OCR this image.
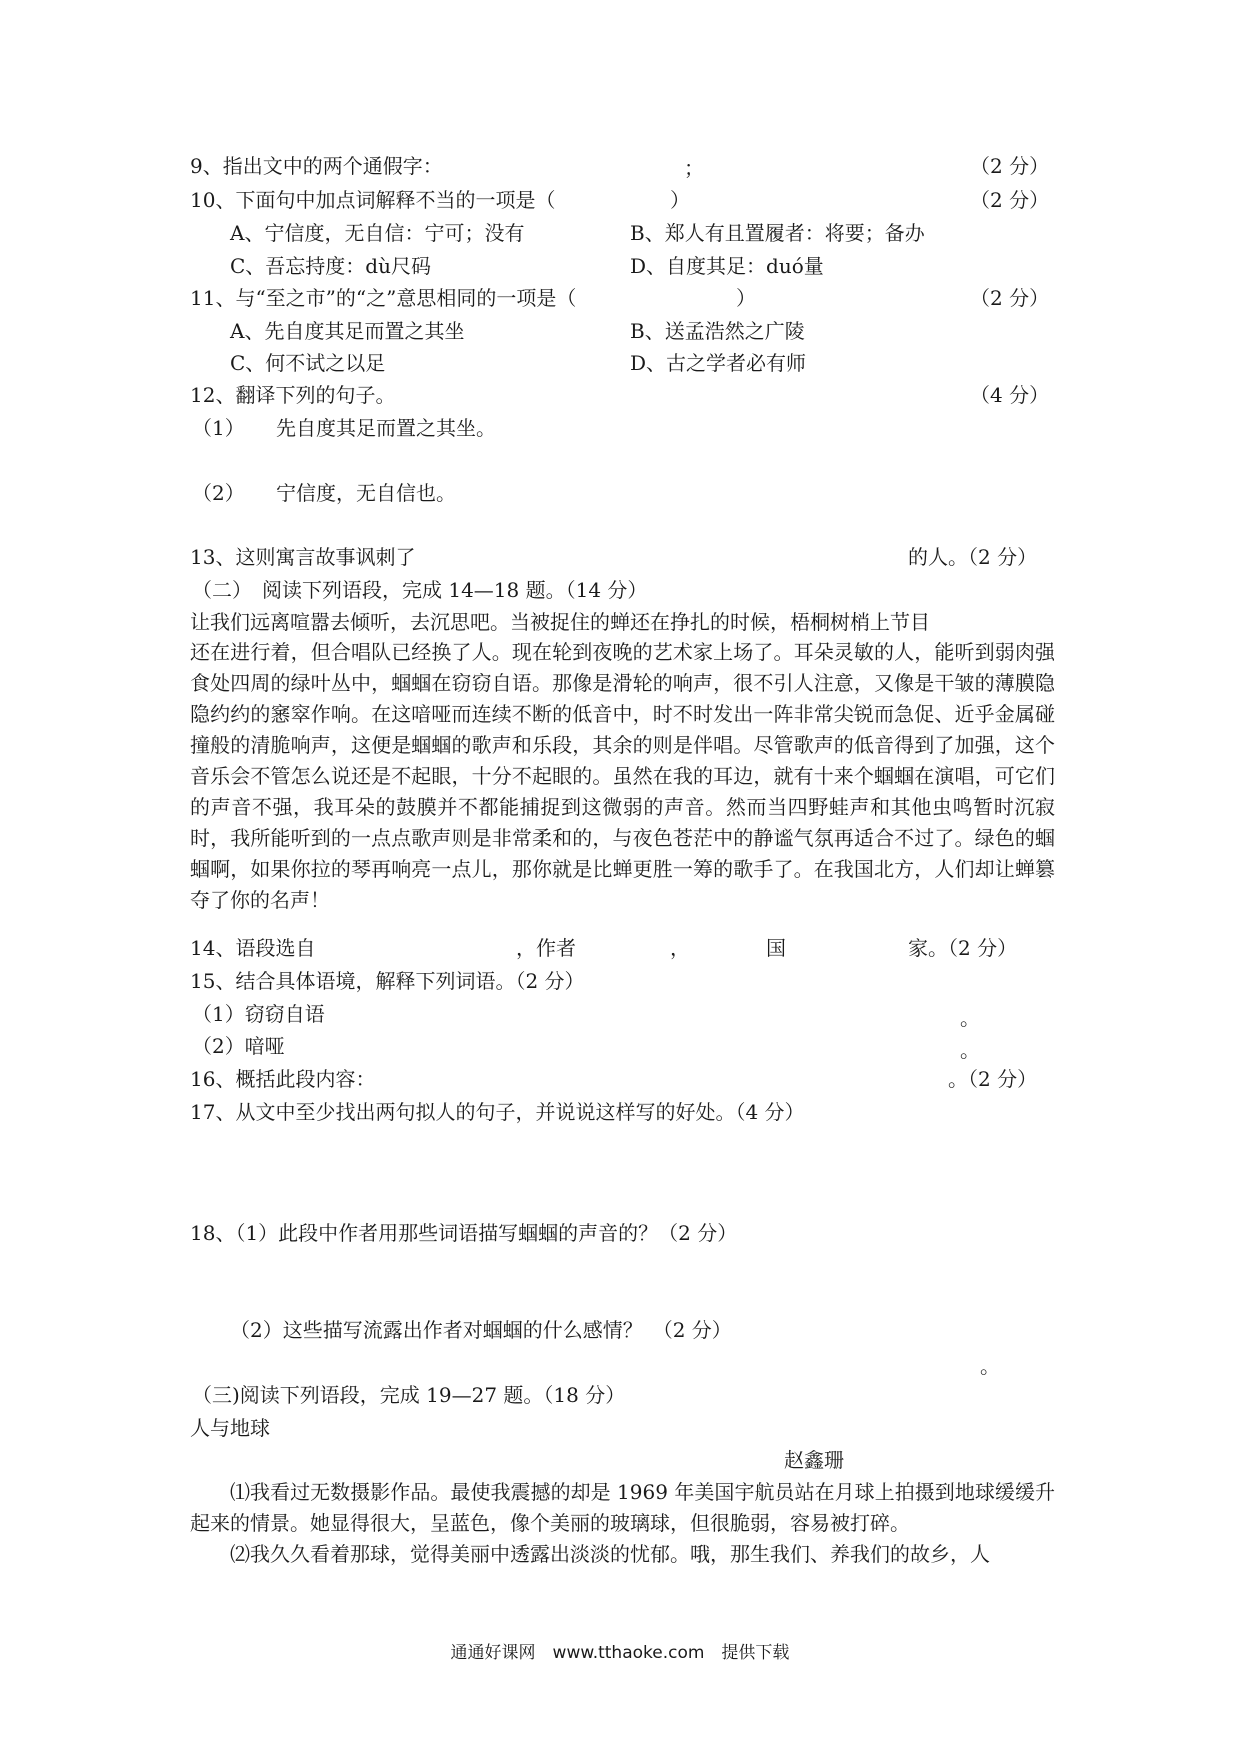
9、指出文中的两个通假字：	；	（2 分）
10、下面句中加点词解释不当的一项是（	）	（2 分）
A、宁信度，无自信：宁可；没有	B、郑人有且置履者：将要；备办
C、吾忘持度：dù尺码	D、自度其足：duó量
11、与“至之市”的“之”意思相同的一项是（	）	（2 分）
A、先自度其足而置之其坐	B、送孟浩然之广陵
C、何不试之以足	D、古之学者必有师
12、翻译下列的句子。	（4 分）
（1） 先自度其足而置之其坐。
（2） 宁信度，无自信也。
13、这则寓言故事讽刺了	的人。（2 分）
（二）　阅读下列语段，完成 14—18 题。（14 分）
让我们远离喧嚣去倾听，去沉思吧。当被捉住的蝉还在挣扎的时候，梧桐树梢上节目
还在进行着，但合唱队已经换了人。现在轮到夜晚的艺术家上场了。耳朵灵敏的人，能听到弱肉强食处四周的绿叶丛中，蝈蝈在窃窃自语。那像是滑轮的响声，很不引人注意，又像是干皱的薄膜隐隐约约的窸窣作响。在这喑哑而连续不断的低音中，时不时发出一阵非常尖锐而急促、近乎金属碰撞般的清脆响声，这便是蝈蝈的歌声和乐段，其余的则是伴唱。尽管歌声的低音得到了加强，这个音乐会不管怎么说还是不起眼，十分不起眼的。虽然在我的耳边，就有十来个蝈蝈在演唱，可它们的声音不强，我耳朵的鼓膜并不都能捕捉到这微弱的声音。然而当四野蛙声和其他虫鸣暂时沉寂时，我所能听到的一点点歌声则是非常柔和的，与夜色苍茫中的静谧气氛再适合不过了。绿色的蝈蝈啊，如果你拉的琴再响亮一点儿，那你就是比蝉更胜一筹的歌手了。在我国北方，人们却让蝉篡夺了你的名声！
14、语段选自	，作者	，	国	家。（2 分）
15、结合具体语境，解释下列词语。（2 分）
（1）窃窃自语	。
（2）喑哑	。
16、概括此段内容：	。（2 分）
17、从文中至少找出两句拟人的句子，并说说这样写的好处。（4 分）
18、（1）此段中作者用那些词语描写蝈蝈的声音的？（2 分）
（2）这些描写流露出作者对蝈蝈的什么感情？　（2 分）
。
（三)阅读下列语段，完成 19—27 题。（18 分）
人与地球
赵鑫珊
⑴我看过无数摄影作品。最使我震撼的却是 1969 年美国宇航员站在月球上拍摄到地球缓缓升起来的情景。她显得很大，呈蓝色，像个美丽的玻璃球，但很脆弱，容易被打碎。
⑵我久久看着那球，觉得美丽中透露出淡淡的忧郁。哦，那生我们、养我们的故乡，人
通通好课网　www.tthaoke.com　提供下载
